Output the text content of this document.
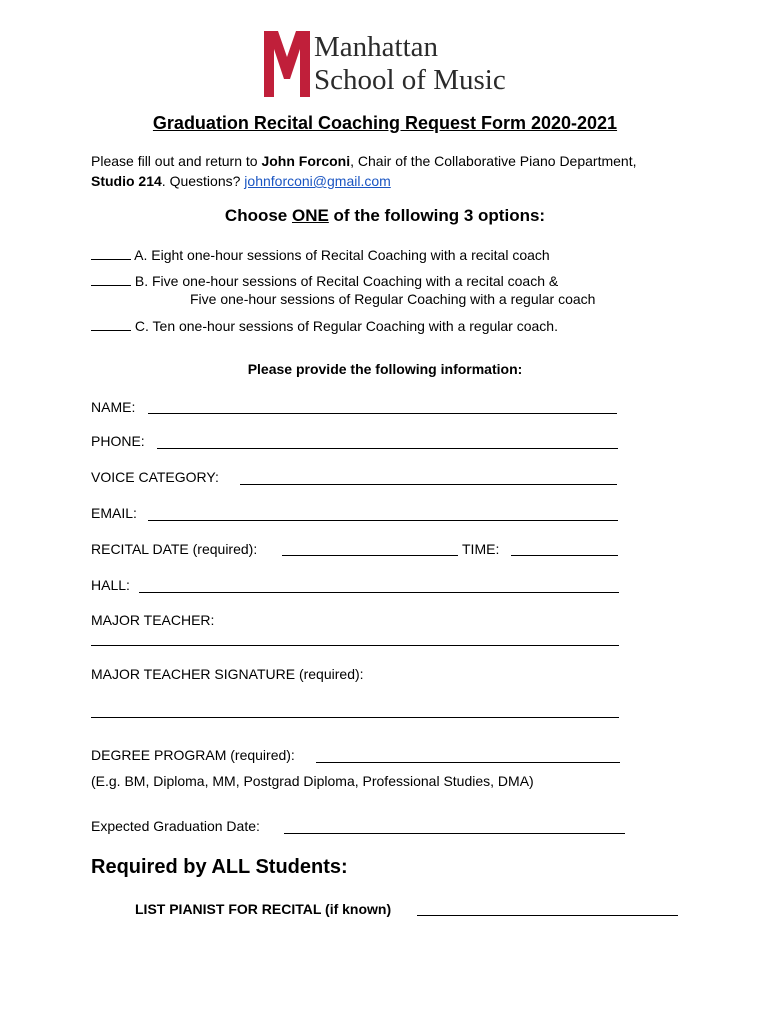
Manhattan
School of Music
Graduation Recital Coaching Request Form 2020-2021
Please fill out and return to John Forconi, Chair of the Collaborative Piano Department,
Studio 214. Questions? johnforconi@gmail.com
Choose ONE of the following 3 options:
A. Eight one-hour sessions of Recital Coaching with a recital coach
B. Five one-hour sessions of Recital Coaching with a recital coach &
Five one-hour sessions of Regular Coaching with a regular coach
C. Ten one-hour sessions of Regular Coaching with a regular coach.
Please provide the following information:
NAME:
PHONE:
VOICE CATEGORY:
EMAIL:
RECITAL DATE (required):	TIME:
HALL:
MAJOR TEACHER:
MAJOR TEACHER SIGNATURE (required):
DEGREE PROGRAM (required):
(E.g. BM, Diploma, MM, Postgrad Diploma, Professional Studies, DMA)
Expected Graduation Date:
Required by ALL Students:
LIST PIANIST FOR RECITAL (if known)
